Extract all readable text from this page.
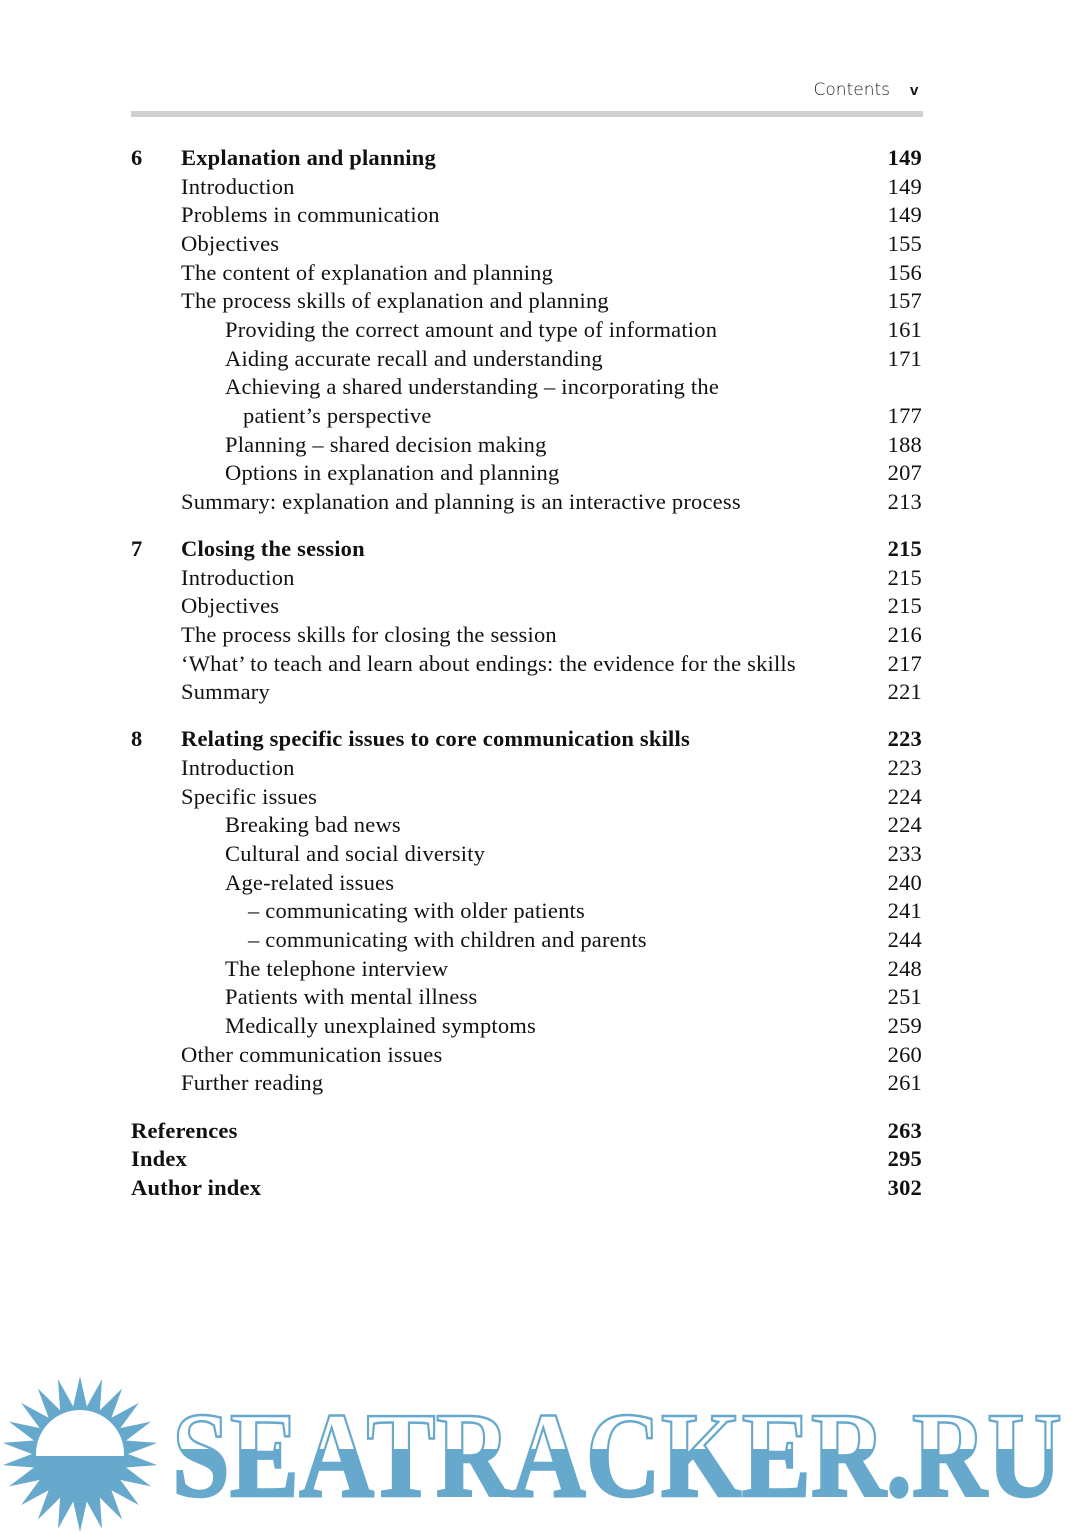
Contents v
6 Explanation and planning	149
Introduction	149
Problems in communication	149
Objectives	155
The content of explanation and planning	156
The process skills of explanation and planning	157
Providing the correct amount and type of information	161
Aiding accurate recall and understanding	171
Achieving a shared understanding – incorporating the
patient’s perspective	177
Planning – shared decision making	188
Options in explanation and planning	207
Summary: explanation and planning is an interactive process	213
7 Closing the session	215
Introduction	215
Objectives	215
The process skills for closing the session	216
‘What’ to teach and learn about endings: the evidence for the skills	217
Summary	221
8 Relating specific issues to core communication skills	223
Introduction	223
Specific issues	224
Breaking bad news	224
Cultural and social diversity	233
Age-related issues	240
– communicating with older patients	241
– communicating with children and parents	244
The telephone interview	248
Patients with mental illness	251
Medically unexplained symptoms	259
Other communication issues	260
Further reading	261
References	263
Index	295
Author index	302
SEATRACKER.RU
